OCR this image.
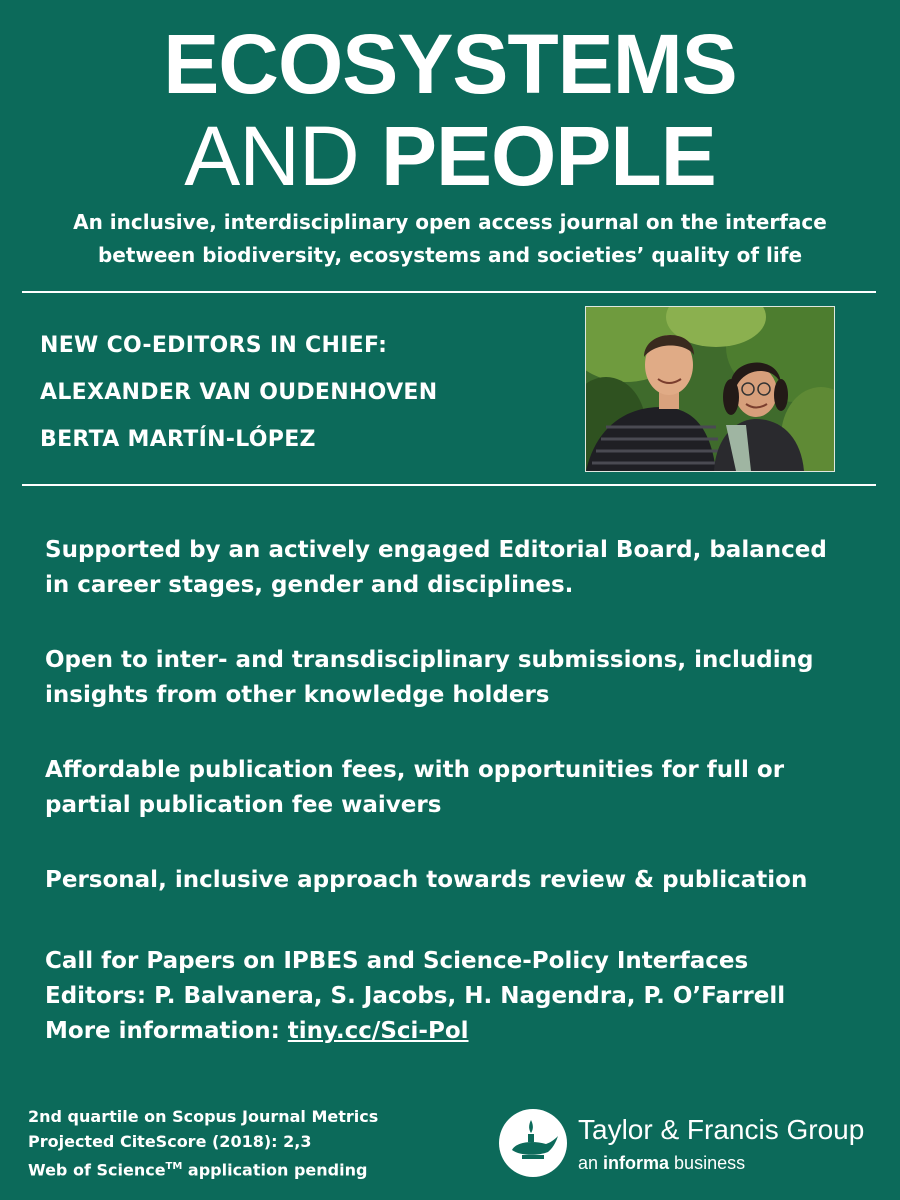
ECOSYSTEMS
AND PEOPLE
An inclusive, interdisciplinary open access journal on the interface
between biodiversity, ecosystems and societies’ quality of life
NEW CO-EDITORS IN CHIEF:
ALEXANDER VAN OUDENHOVEN
BERTA MARTÍN-LÓPEZ
Supported by an actively engaged Editorial Board, balanced
in career stages, gender and disciplines.
Open to inter- and transdisciplinary submissions, including
insights from other knowledge holders
Affordable publication fees, with opportunities for full or
partial publication fee waivers
Personal, inclusive approach towards review & publication
Call for Papers on IPBES and Science-Policy Interfaces
Editors: P. Balvanera, S. Jacobs, H. Nagendra, P. O’Farrell
More information: tiny.cc/Sci-Pol
2nd quartile on Scopus Journal Metrics
Projected CiteScore (2018): 2,3
Web of Science™ application pending
Taylor & Francis Group
an informa business
